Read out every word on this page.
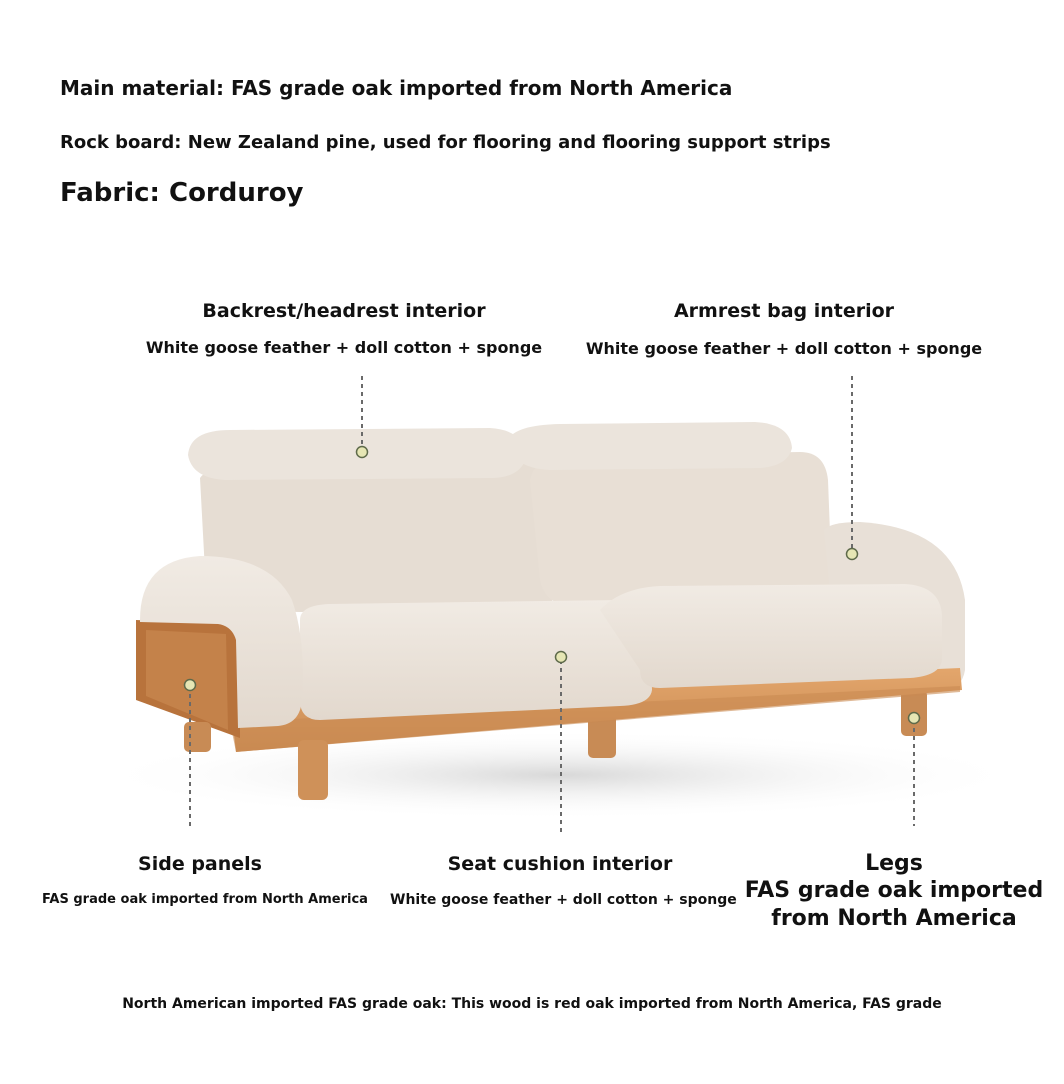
Main material: FAS grade oak imported from North America
Rock board: New Zealand pine, used for flooring and flooring support strips
Fabric: Corduroy
Backrest/headrest interior
White goose feather + doll cotton + sponge
Armrest bag interior
White goose feather + doll cotton + sponge
Side panels
FAS grade oak imported from North America
Seat cushion interior
White goose feather + doll cotton + sponge
Legs
FAS grade oak imported
from North America
North American imported FAS grade oak: This wood is red oak imported from North America, FAS grade
